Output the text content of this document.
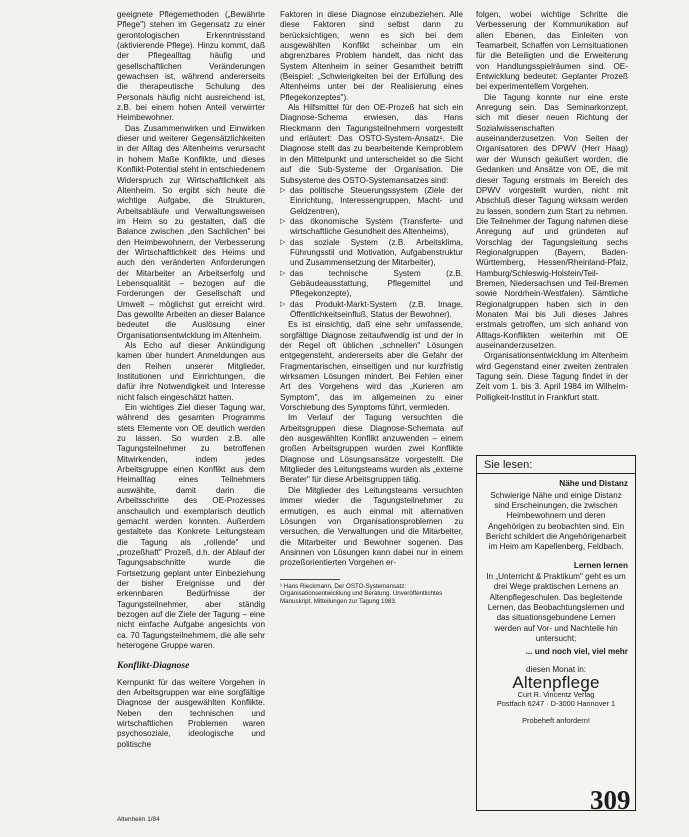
geeignete Pflegemethoden („Bewährte Pflege") stehen im Gegensatz zu einer gerontologischen Erkenntnisstand (aktivierende Pflege). Hinzu kommt, daß der Pflegealltag häufig und gesellschaftlichen Veränderungen gewachsen ist, während andererseits die therapeutische Schulung des Personals häufig nicht ausreichend ist, z.B. bei einem hohen Anteil verwirrter Heimbewohner.

Das Zusammenwirken und Einwirken dieser und weiterer Gegensätzlichkeiten in der Alltag des Altenheims verursacht in hohem Maße Konflikte, und dieses Konflikt-Potential steht in entschiedenem Widerspruch zur Wirtschaftlichkeit als Altenheim. So ergibt sich heute die wichtige Aufgabe, die Strukturen, Arbeitsabläufe und Verwaltungsweisen im Heim so zu gestalten, daß die Balance zwischen „den Sachlichen" bei den Heimbewohnern, der Verbesserung der Wirtschaftlichkeit des Heims und auch den veränderten Anforderungen der Mitarbeiter an Arbeitserfolg und Lebensqualität – bezogen auf die Forderungen der Gesellschaft und Umwelt – möglichst gut erreicht wird. Das gewollte Arbeiten an dieser Balance bedeutet die Auslösung einer Organisationsentwicklung im Altenheim.

Als Echo auf dieser Ankündigung kamen über hundert Anmeldungen aus den Reihen unserer Mitglieder, Institutionen und Einrichtungen, die dafür ihre Notwendigkeit und Interesse nicht falsch eingeschätzt hatten.

Ein wichtiges Ziel dieser Tagung war, während des gesamten Programms stets Elemente von OE deutlich werden zu lassen. So wurden z.B. alle Tagungsteilnehmer zu betroffenen Mitwirkenden, indem jedes Arbeitsgruppe einen Konflikt aus dem Heimalltag eines Teilnehmers auswählte, damit darin die Arbeitsschritte des OE-Prozesses anschaulich und exemplarisch deutlich gemacht werden konnten. Außerdem gestaltete das Konkrete Leitungsteam die Tagung als „rollende" und „prozeßhaft" Prozeß, d.h. der Ablauf der Tagungsabschnitte wurde die Fortsetzung geplant unter Einbeziehung der bisher Ereignisse und der erkennbaren Bedürfnisse der Tagungsteilnehmer, aber ständig bezogen auf die Ziele der Tagung – eine nicht einfache Aufgabe angesichts von ca. 70 Tagungsteilnehmern, die alle sehr heterogene Gruppe waren.

Konflikt-Diagnose

Kernpunkt für das weitere Vorgehen in den Arbeitsgruppen war eine sorgfältige Diagnose der ausgewählten Konflikte. Neben den technischen und wirtschaftlichen Problemen waren psychosoziale, ideologische und politische

Faktoren in diese Diagnose einzubeziehen. Alle diese Faktoren sind selbst dann zu berücksichtigen, wenn es sich bei dem ausgewählten Konflikt scheinbar um ein abgrenzbares Problem handelt, das nicht das System Altenheim in seiner Gesamtheit betrifft (Beispiel: „Schwierigkeiten bei der Erfüllung des Altenheims unter bei der Realisierung eines Pflegekonzeptes").

Als Hilfsmittel für den OE-Prozeß hat sich ein Diagnose-Schema erwiesen, das Hans Rieckmann den Tagungsteilnehmern vorgestellt und erläutert: Das OSTO-System-Ansatz¹. Die Diagnose stellt das zu bearbeitende Kernproblem in den Mittelpunkt und unterscheidet so die Sicht auf die Sub-Systeme der Organisation. Die Subsysteme des OSTO-Systemansatzes sind:

▷ das politische Steuerungssystem (Ziele der Einrichtung, Interessengruppen, Macht- und Geldzentren),
▷ das ökonomische System (Transferte- und wirtschaftliche Gesundheit des Altenheims),
▷ das soziale System (z.B. Arbeitsklima, Führungsstil und Motivation, Aufgabenstruktur und Zusammensetzung der Mitarbeiter),
▷ das technische System (z.B. Gebäudeausstattung, Pflegemittel und Pflegekonzepte),
▷ das Produkt-Markt-System (z.B. Image, Öffentlichkeitseinfluß, Status der Bewohner).

Es ist einsichtig, daß eine sehr umfassende, sorgfältige Diagnose zeitaufwendig ist und der in der Regel oft üblichen „schnellen" Lösungen entgegensteht, andererseits aber die Gefahr der Fragmentarischen, einseitigen und nur kurzfristig wirksamen Lösungen mindert. Bei Fehlen einer Art des Vorgehens wird das „Kurieren am Symptom", das im allgemeinen zu einer Vorschiebung des Symptoms führt, vermieden.

Im Verlauf der Tagung versuchten die Arbeitsgruppen diese Diagnose-Schemata auf den ausgewählten Konflikt anzuwenden – einem großen Arbeitsgruppen wurden zwei Konflikte Diagnose und Lösungsansätze vorgestellt. Die Mitglieder des Leitungsteams wurden als „externe Berater" für diese Arbeitsgruppen tätig.

Die Mitglieder des Leitungsteams versuchten immer wieder die Tagungsteilnehmer zu ermutigen, es auch einmal mit alternativen Lösungen von Organisationsproblemen zu versuchen, die Verwaltungen und die Mitarbeiter, die Mitarbeiter und Bewohner sogenen. Das Ansinnen von Lösungen kann dabei nur in einem prozeßorientierten Vorgehen er-

¹ Hans Rieckmann, Der OSTO-Systemansatz: Organisationsentwicklung und Beratung. Unveröffentlichtes Manuskript, Mitteilungen zur Tagung 1983.

folgen, wobei wichtige Schritte die Verbesserung der Kommunikation auf allen Ebenen, das Einleiten von Teamarbeit, Schaffen von Lernsituationen für die Beteiligten und die Erweiterung von Handlungsspielräumen sind. OE-Entwicklung bedeutet: Geplanter Prozeß bei experimentellem Vorgehen.

Die Tagung konnte nur eine erste Anregung sein. Das Seminarkonzept, sich mit dieser neuen Richtung der Sozialwissenschaften auseinanderzusetzen. Von Seiten der Organisatoren des DPWV (Herr Haag) war der Wunsch geäußert worden, die Gedanken und Ansätze von OE, die mit dieser Tagung erstmals im Bereich des DPWV vorgestellt wurden, nicht mit Abschluß dieser Tagung wirksam werden zu lassen, sondern zum Start zu nehmen. Die Teilnehmer der Tagung nahmen diese Anregung auf und gründeten auf Vorschlag der Tagungsleitung sechs Regionalgruppen (Bayern, Baden-Württemberg, Hessen/Rheinland-Pfalz, Hamburg/Schleswig-Holstein/Teil-Bremen, Niedersachsen und Teil-Bremen sowie Nordrhein-Westfalen). Sämtliche Regionalgruppen haben sich in den Monaten Mai bis Juli dieses Jahres erstmals getroffen, um sich anhand von Alltags-Konflikten weiterhin mit OE auseinanderzusetzen.

Organisationsentwicklung im Altenheim wird Gegenstand einer zweiten zentralen Tagung sein. Diese Tagung findet in der Zeit vom 1. bis 3. April 1984 im Wilhelm-Polligkeit-Institut in Frankfurt statt.

Sie lesen:
Nähe und Distanz
Schwierige Nähe und einige Distanz sind Erscheinungen, die zwischen Heimbewohnern und deren Angehörigen zu beobachten sind. Ein Bericht schildert die Angehörigenarbeit im Heim am Kapellenberg, Feldbach.
Lernen lernen
In „Unterricht & Praktikum" geht es um drei Wege praktischen Lernens an Altenpflegeschulen. Das begleitende Lernen, das Beobachtungslernen und das situationsgebundene Lernen werden auf Vor- und Nachteile hin untersucht;
... und noch viel, viel mehr
diesen Monat in:
Altenpflege
Curt R. Vincentz Verlag
Postfach 6247 · D-3000 Hannover 1
Probeheft anfordern!
309
Altenheim 1/84
